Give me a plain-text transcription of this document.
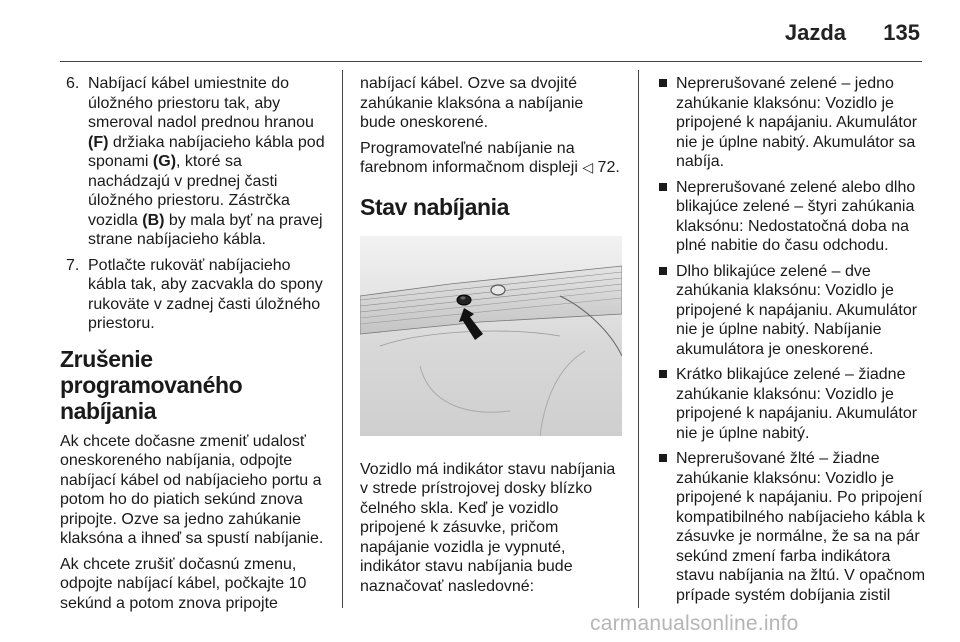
Jazda 135
6. Nabíjací kábel umiestnite do úložného priestoru tak, aby smeroval nadol prednou hranou (F) držiaka nabíjacieho kábla pod sponami (G), ktoré sa nachádzajú v prednej časti úložného priestoru. Zástrčka vozidla (B) by mala byť na pravej strane nabíjacieho kábla.
7. Potlačte rukoväť nabíjacieho kábla tak, aby zacvakla do spony rukoväte v zadnej časti úložného priestoru.
Zrušenie programovaného nabíjania

Ak chcete dočasne zmeniť udalosť oneskoreného nabíjania, odpojte nabíjací kábel od nabíjacieho portu a potom ho do piatich sekúnd znova pripojte. Ozve sa jedno zahúkanie klaksóna a ihneď sa spustí nabíjanie.

Ak chcete zrušiť dočasnú zmenu, odpojte nabíjací kábel, počkajte 10 sekúnd a potom znova pripojte

nabíjací kábel. Ozve sa dvojité zahúkanie klaksóna a nabíjanie bude oneskorené.

Programovateľné nabíjanie na farebnom informačnom displeji ◁ 72.

Stav nabíjania

Vozidlo má indikátor stavu nabíjania v strede prístrojovej dosky blízko čelného skla. Keď je vozidlo pripojené k zásuvke, pričom napájanie vozidla je vypnuté, indikátor stavu nabíjania bude naznačovať nasledovné:

Neprerušované zelené – jedno zahúkanie klaksónu: Vozidlo je pripojené k napájaniu. Akumulátor nie je úplne nabitý. Akumulátor sa nabíja.
Neprerušované zelené alebo dlho blikajúce zelené – štyri zahúkania klaksónu: Nedostatočná doba na plné nabitie do času odchodu.
Dlho blikajúce zelené – dve zahúkania klaksónu: Vozidlo je pripojené k napájaniu. Akumulátor nie je úplne nabitý. Nabíjanie akumulátora je oneskorené.
Krátko blikajúce zelené – žiadne zahúkanie klaksónu: Vozidlo je pripojené k napájaniu. Akumulátor nie je úplne nabitý.
Neprerušované žlté – žiadne zahúkanie klaksónu: Vozidlo je pripojené k napájaniu. Po pripojení kompatibilného nabíjacieho kábla k zásuvke je normálne, že sa na pár sekúnd zmení farba indikátora stavu nabíjania na žltú. V opačnom prípade systém dobíjania zistil
carmanualsonline.info
